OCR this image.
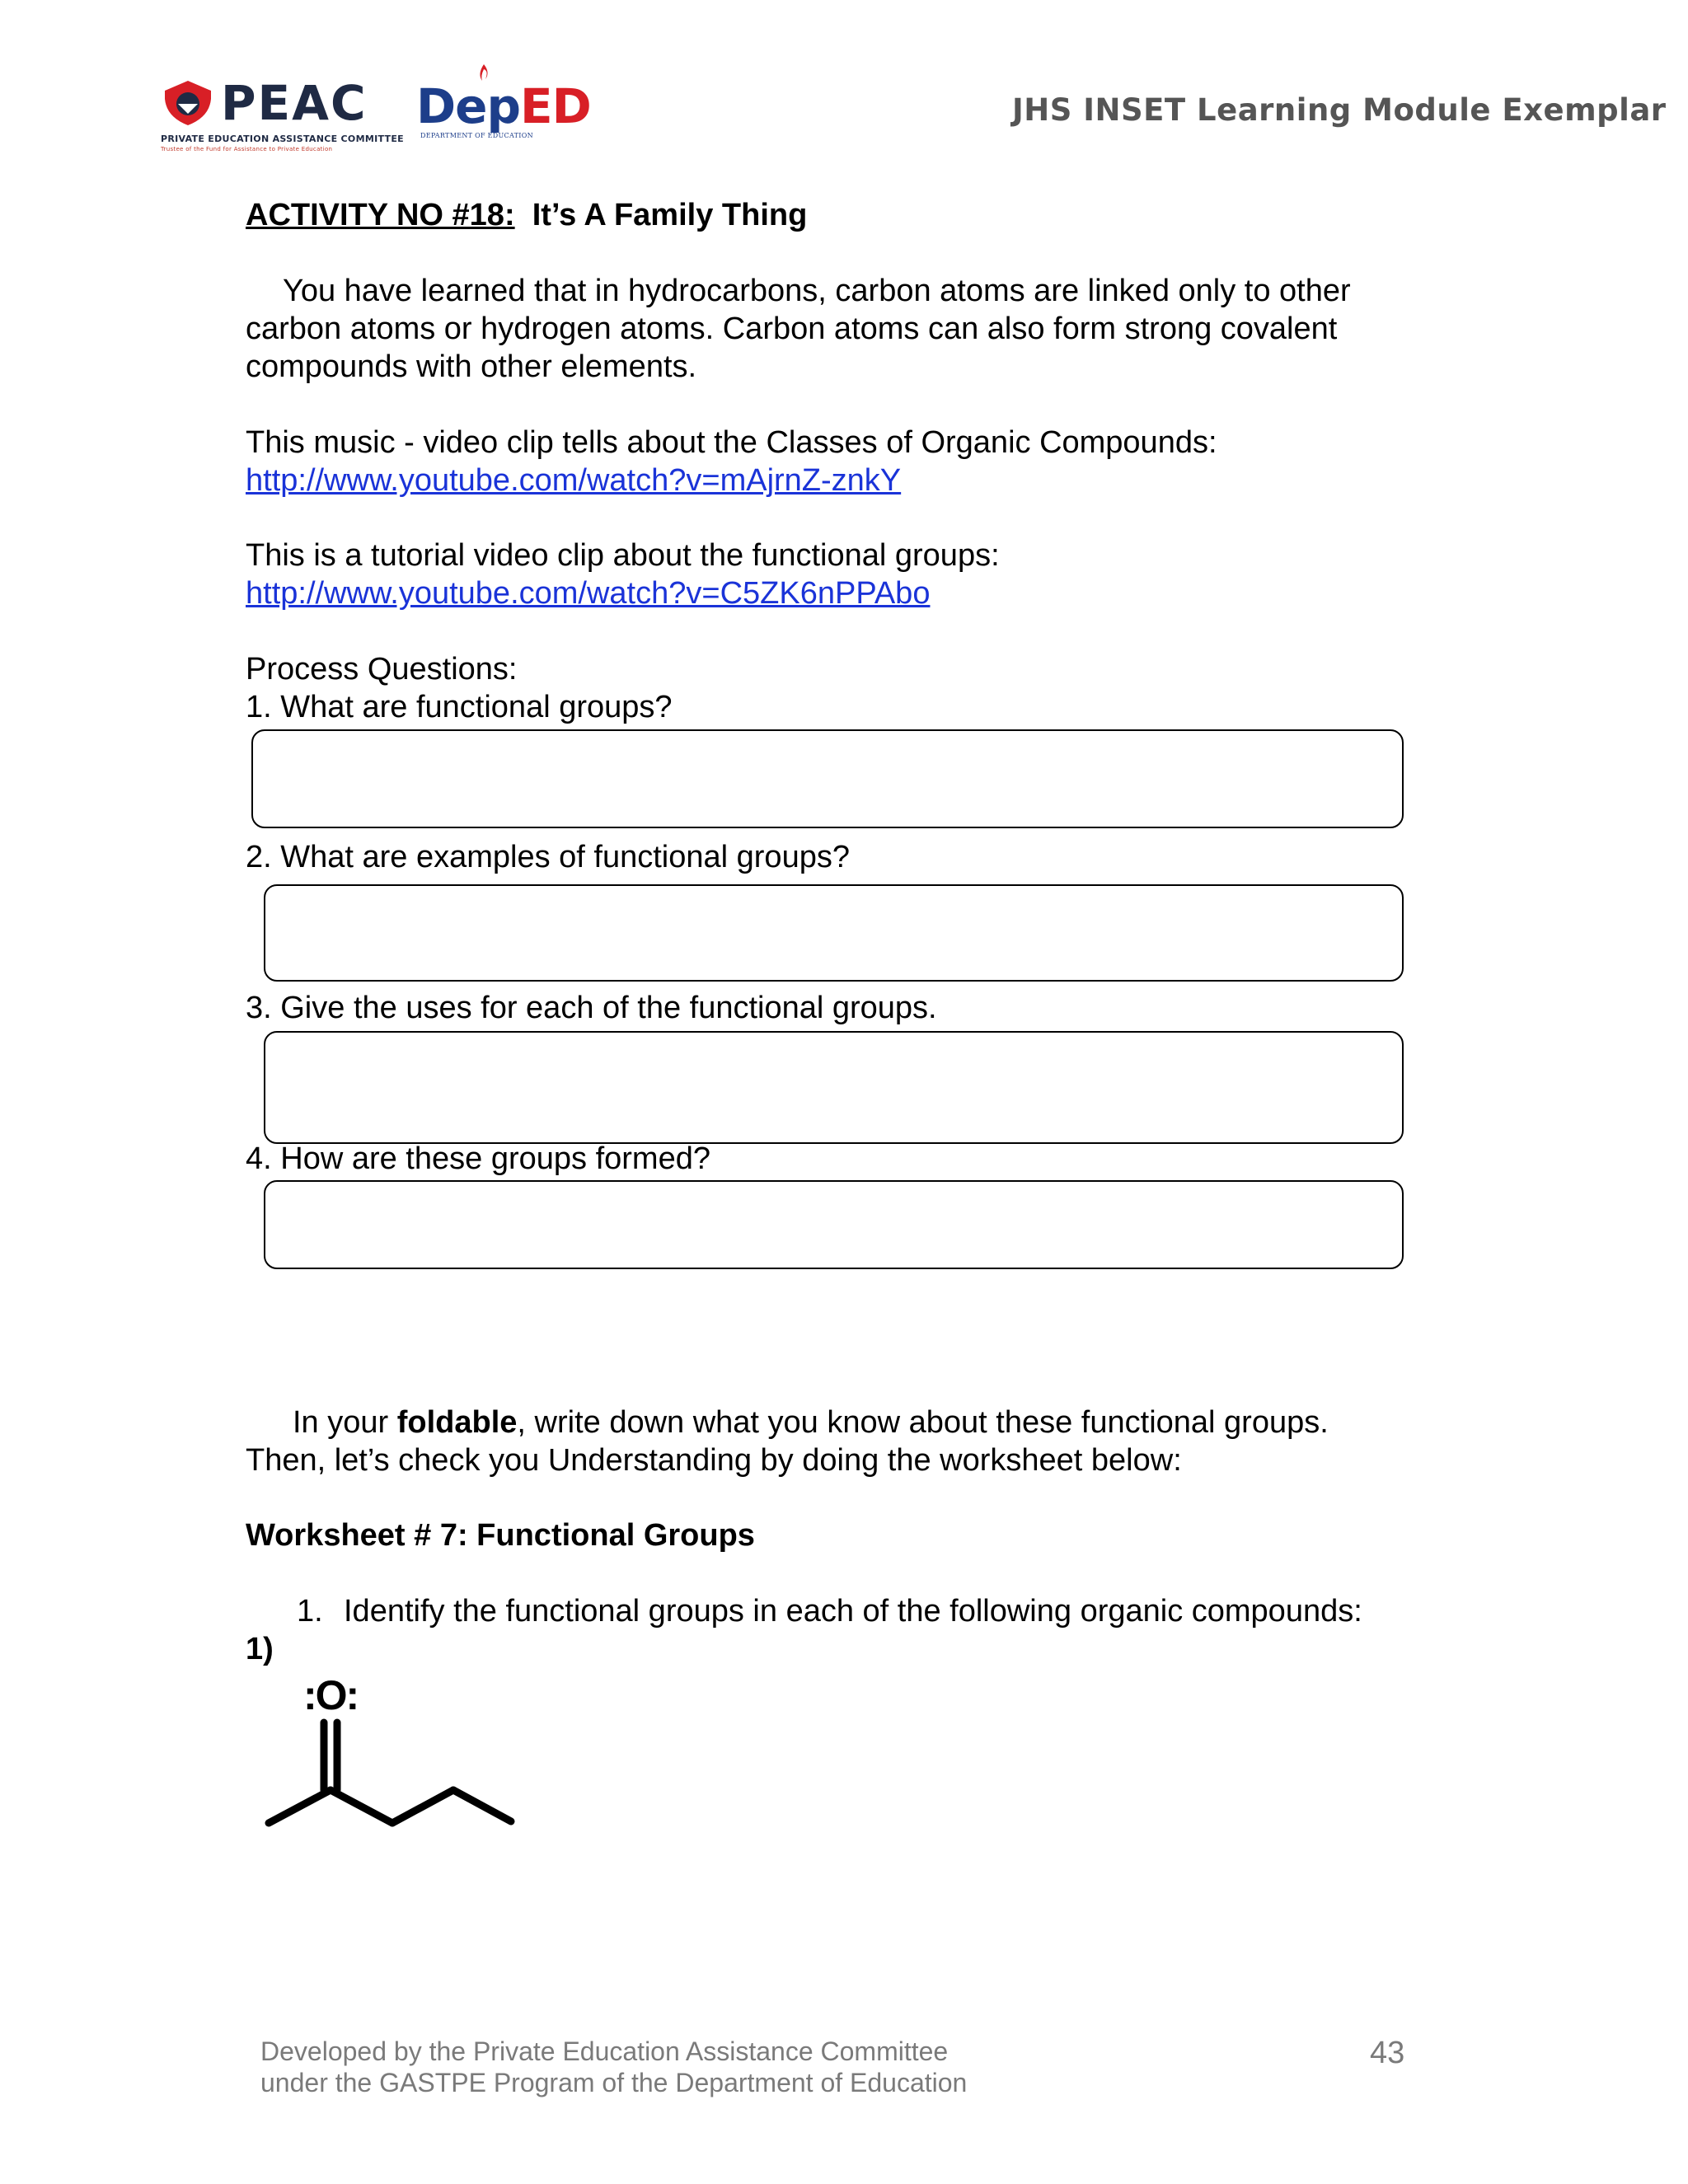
PEAC
PRIVATE EDUCATION ASSISTANCE COMMITTEE
Trustee of the Fund for Assistance to Private Education
DepED
DEPARTMENT OF EDUCATION
JHS INSET Learning Module Exemplar
ACTIVITY NO #18: It’s A Family Thing
You have learned that in hydrocarbons, carbon atoms are linked only to other
carbon atoms or hydrogen atoms. Carbon atoms can also form strong covalent
compounds with other elements.
This music - video clip tells about the Classes of Organic Compounds:
http://www.youtube.com/watch?v=mAjrnZ-znkY
This is a tutorial video clip about the functional groups:
http://www.youtube.com/watch?v=C5ZK6nPPAbo
Process Questions:
1. What are functional groups?
2. What are examples of functional groups?
3. Give the uses for each of the functional groups.
4. How are these groups formed?
In your foldable, write down what you know about these functional groups.
Then, let’s check you Understanding by doing the worksheet below:
Worksheet # 7: Functional Groups
1. Identify the functional groups in each of the following organic compounds:
1)
:O:
Developed by the Private Education Assistance Committee
under the GASTPE Program of the Department of Education
43
